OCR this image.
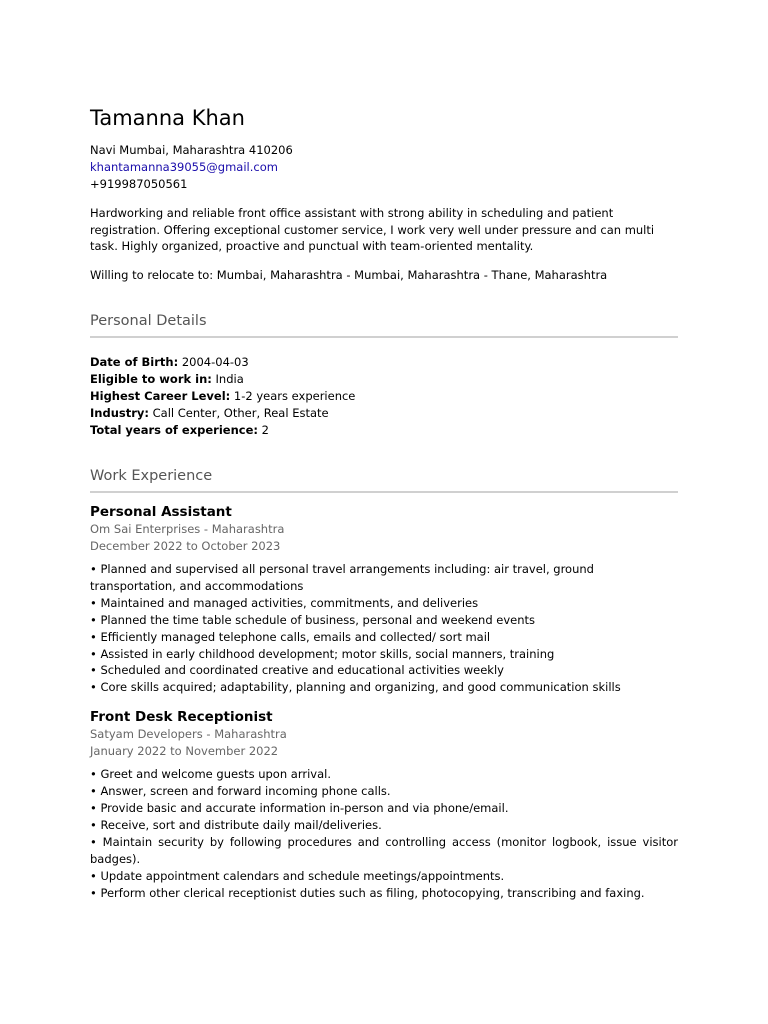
Tamanna Khan

Navi Mumbai, Maharashtra 410206

khantamanna39055@gmail.com

+919987050561

Hardworking and reliable front office assistant with strong ability in scheduling and patient registration. Offering exceptional customer service, I work very well under pressure and can multi task. Highly organized, proactive and punctual with team-oriented mentality.

Willing to relocate to: Mumbai, Maharashtra - Mumbai, Maharashtra - Thane, Maharashtra

Personal Details

Date of Birth: 2004-04-03

Eligible to work in: India

Highest Career Level: 1-2 years experience

Industry: Call Center, Other, Real Estate

Total years of experience: 2

Work Experience

Personal Assistant

Om Sai Enterprises - Maharashtra

December 2022 to October 2023

• Planned and supervised all personal travel arrangements including: air travel, ground transportation, and accommodations

• Maintained and managed activities, commitments, and deliveries

• Planned the time table schedule of business, personal and weekend events

• Efficiently managed telephone calls, emails and collected/ sort mail

• Assisted in early childhood development; motor skills, social manners, training

• Scheduled and coordinated creative and educational activities weekly

• Core skills acquired; adaptability, planning and organizing, and good communication skills

Front Desk Receptionist

Satyam Developers - Maharashtra

January 2022 to November 2022

• Greet and welcome guests upon arrival.

• Answer, screen and forward incoming phone calls.

• Provide basic and accurate information in-person and via phone/email.

• Receive, sort and distribute daily mail/deliveries.

• Maintain security by following procedures and controlling access (monitor logbook, issue visitor badges).

• Update appointment calendars and schedule meetings/appointments.

• Perform other clerical receptionist duties such as filing, photocopying, transcribing and faxing.
